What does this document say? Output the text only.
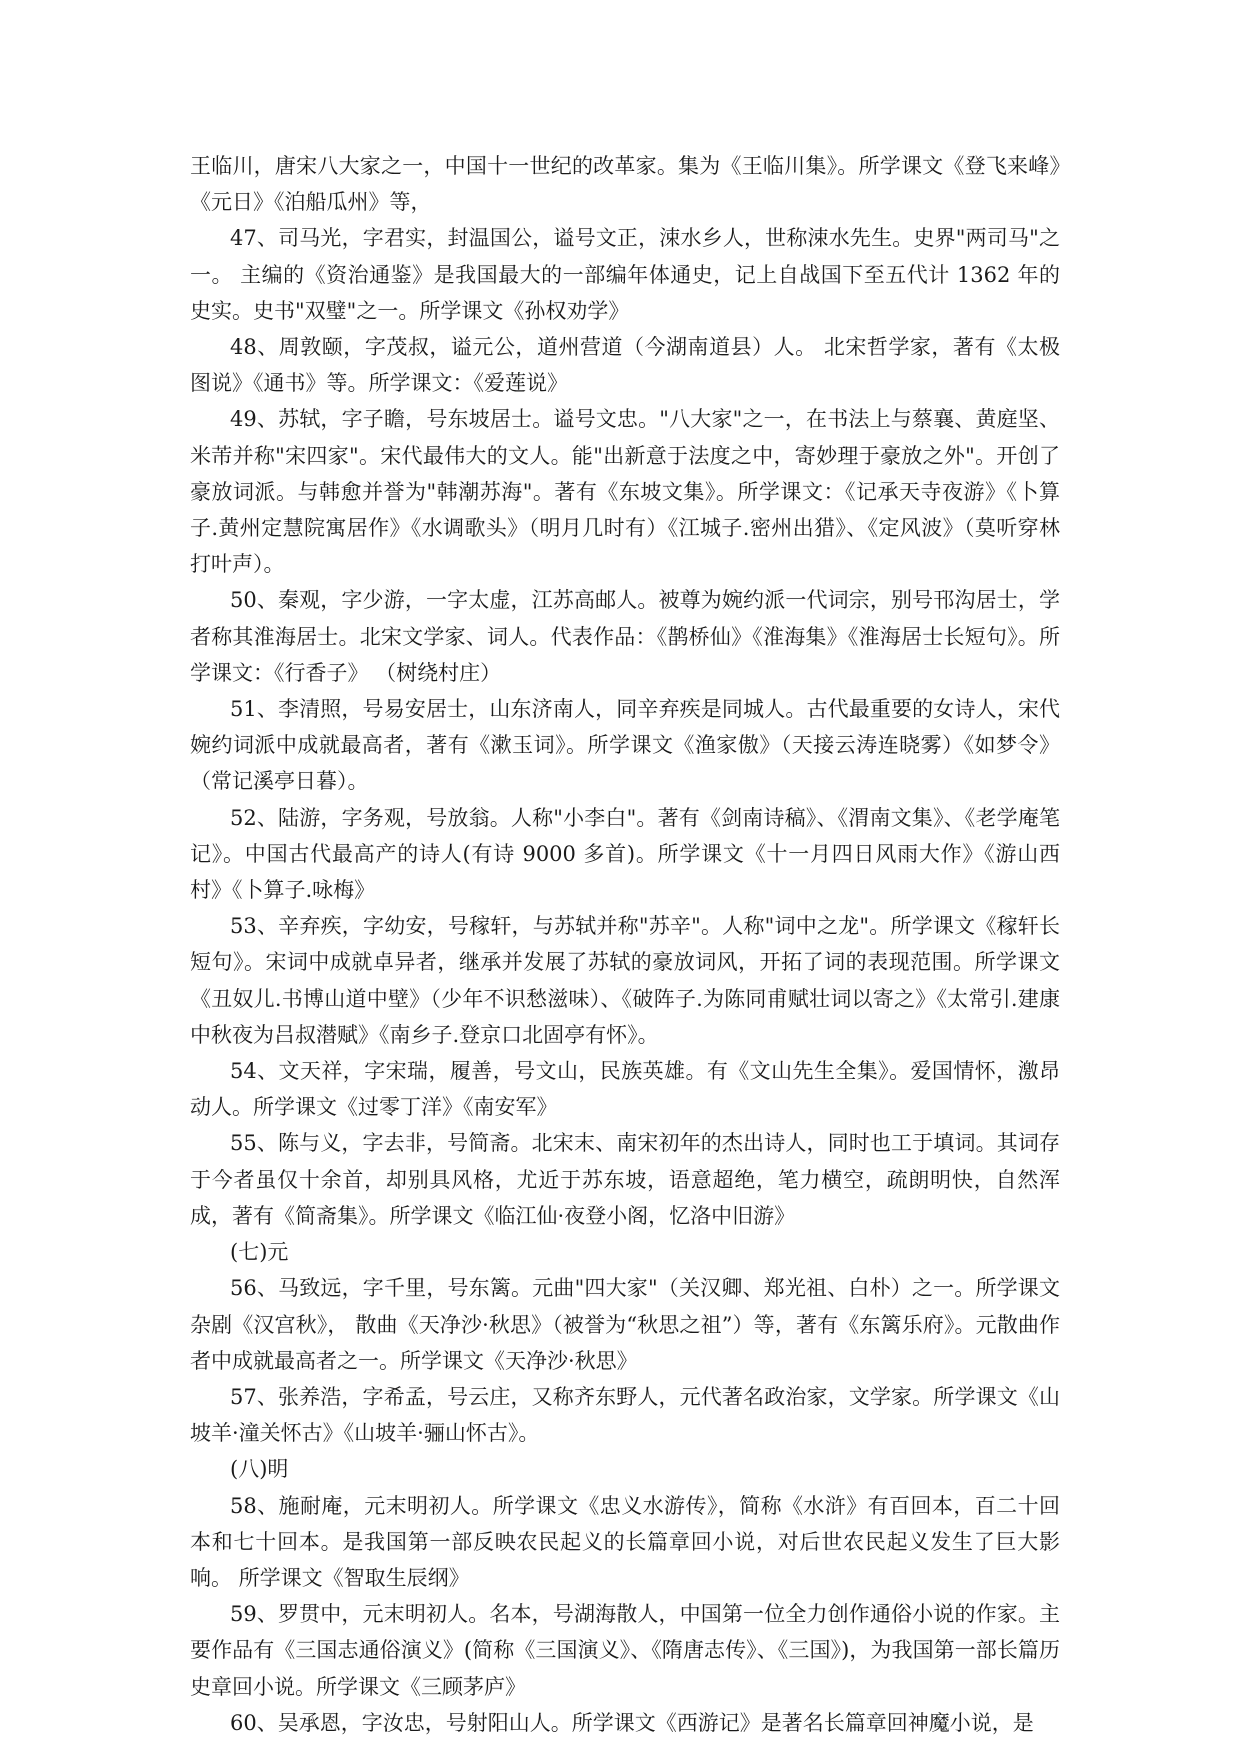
王临川，唐宋八大家之一，中国十一世纪的改革家。集为《王临川集》。所学课文《登飞来峰》《元日》《泊船瓜州》等，

47、司马光，字君实，封温国公，谥号文正，涑水乡人，世称涑水先生。史界"两司马"之一。 主编的《资治通鉴》是我国最大的一部编年体通史，记上自战国下至五代计 1362 年的史实。史书"双璧"之一。所学课文《孙权劝学》

48、周敦颐，字茂叔，谥元公，道州营道（今湖南道县）人。 北宋哲学家，著有《太极图说》《通书》等。所学课文：《爱莲说》

49、苏轼，字子瞻，号东坡居士。谥号文忠。"八大家"之一，在书法上与蔡襄、黄庭坚、米芾并称"宋四家"。宋代最伟大的文人。能"出新意于法度之中，寄妙理于豪放之外"。开创了豪放词派。与韩愈并誉为"韩潮苏海"。著有《东坡文集》。所学课文：《记承天寺夜游》《卜算子.黄州定慧院寓居作》《水调歌头》（明月几时有）《江城子.密州出猎》、《定风波》（莫听穿林打叶声）。

50、秦观，字少游，一字太虚，江苏高邮人。被尊为婉约派一代词宗，别号邗沟居士，学者称其淮海居士。北宋文学家、词人。代表作品：《鹊桥仙》《淮海集》《淮海居士长短句》。所学课文：《行香子》 （树绕村庄）

51、李清照，号易安居士，山东济南人，同辛弃疾是同城人。古代最重要的女诗人，宋代婉约词派中成就最高者，著有《漱玉词》。所学课文《渔家傲》（天接云涛连晓雾）《如梦令》（常记溪亭日暮）。

52、陆游，字务观，号放翁。人称"小李白"。著有《剑南诗稿》、《渭南文集》、《老学庵笔记》。中国古代最高产的诗人(有诗 9000 多首)。所学课文《十一月四日风雨大作》《游山西村》《卜算子.咏梅》

53、辛弃疾，字幼安，号稼轩，与苏轼并称"苏辛"。人称"词中之龙"。所学课文《稼轩长短句》。宋词中成就卓异者，继承并发展了苏轼的豪放词风，开拓了词的表现范围。所学课文《丑奴儿.书博山道中壁》（少年不识愁滋味）、《破阵子.为陈同甫赋壮词以寄之》《太常引.建康中秋夜为吕叔潜赋》《南乡子.登京口北固亭有怀》。

54、文天祥，字宋瑞，履善，号文山，民族英雄。有《文山先生全集》。爱国情怀，激昂动人。所学课文《过零丁洋》《南安军》

55、陈与义，字去非，号简斋。北宋末、南宋初年的杰出诗人，同时也工于填词。其词存于今者虽仅十余首，却别具风格，尤近于苏东坡，语意超绝，笔力横空，疏朗明快，自然浑成，著有《简斋集》。所学课文《临江仙·夜登小阁，忆洛中旧游》

(七)元

56、马致远，字千里，号东篱。元曲"四大家"（关汉卿、郑光祖、白朴）之一。所学课文杂剧《汉宫秋》， 散曲《天净沙·秋思》（被誉为“秋思之祖”）等，著有《东篱乐府》。元散曲作者中成就最高者之一。所学课文《天净沙·秋思》

57、张养浩，字希孟，号云庄，又称齐东野人，元代著名政治家，文学家。所学课文《山坡羊·潼关怀古》《山坡羊·骊山怀古》。

(八)明

58、施耐庵，元末明初人。所学课文《忠义水游传》，简称《水浒》有百回本，百二十回本和七十回本。是我国第一部反映农民起义的长篇章回小说，对后世农民起义发生了巨大影响。 所学课文《智取生辰纲》

59、罗贯中，元末明初人。名本，号湖海散人，中国第一位全力创作通俗小说的作家。主要作品有《三国志通俗演义》(简称《三国演义》、《隋唐志传》、《三国》)，为我国第一部长篇历史章回小说。所学课文《三顾茅庐》

60、吴承恩，字汝忠，号射阳山人。所学课文《西游记》是著名长篇章回神魔小说，是
